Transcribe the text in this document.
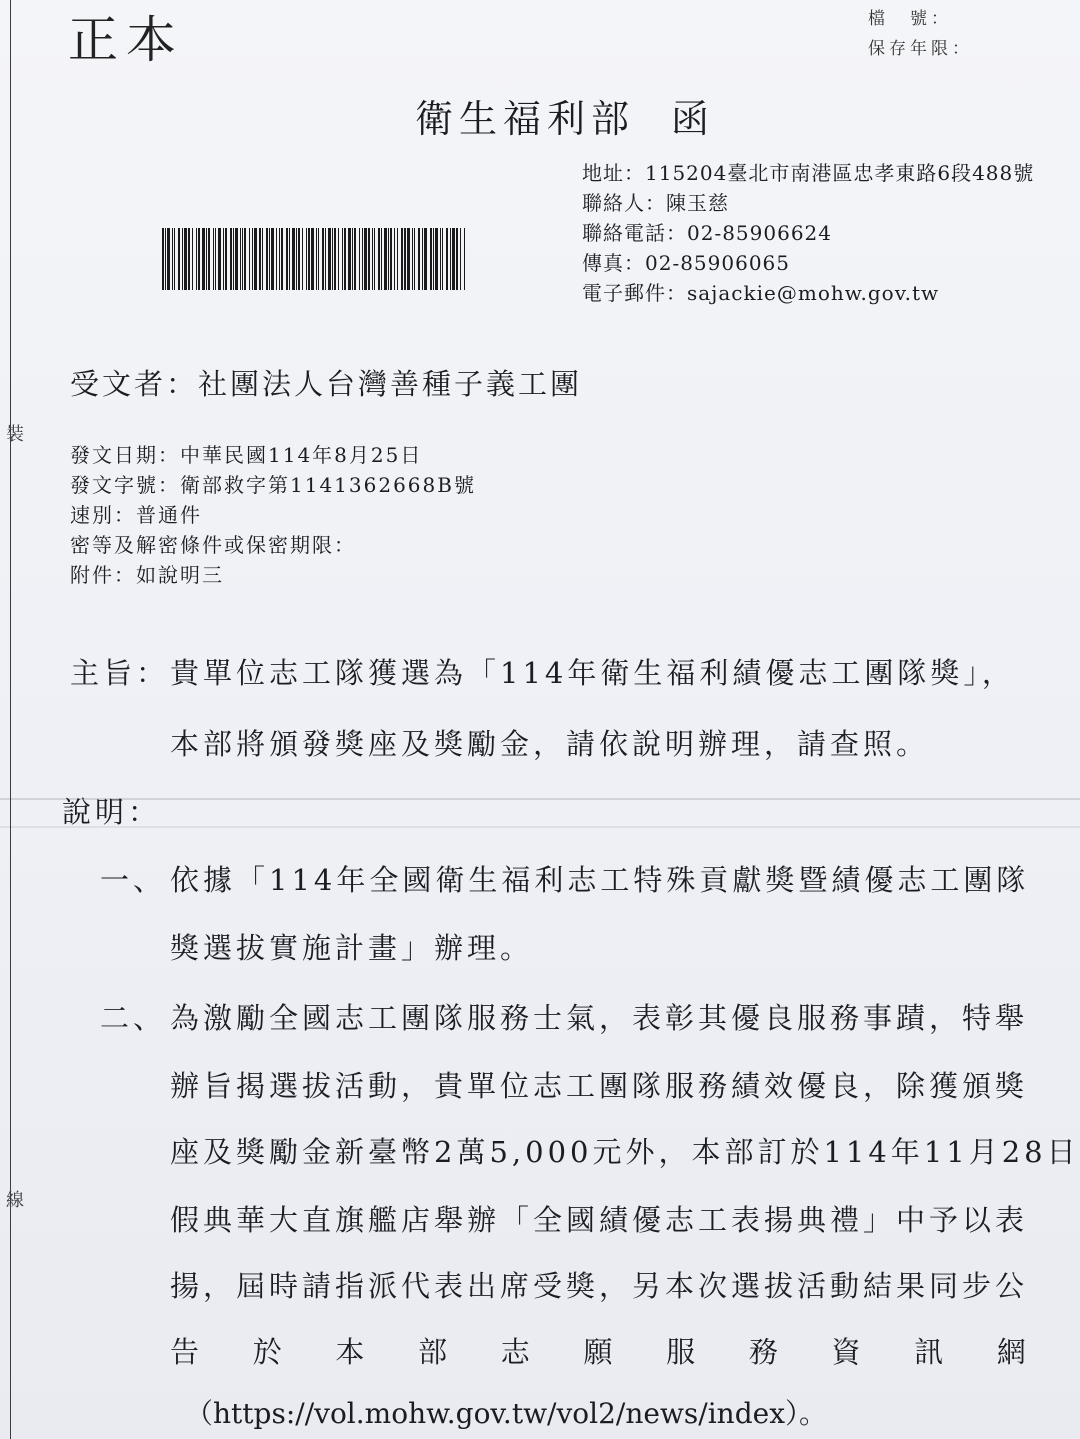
裝
線
正本	檔　號：
保存年限：
衛生福利部 函
地址：115204臺北市南港區忠孝東路6段488號
聯絡人：陳玉慈
聯絡電話：02-85906624
傳真：02-85906065
電子郵件：sajackie@mohw.gov.tw
受文者：社團法人台灣善種子義工團
發文日期：中華民國114年8月25日
發文字號：衛部救字第1141362668B號
速別：普通件
密等及解密條件或保密期限：
附件：如說明三
主旨： 貴單位志工隊獲選為「114年衛生福利績優志工團隊獎」，
本部將頒發獎座及獎勵金，請依說明辦理，請查照。
說明：
一、 依據「114年全國衛生福利志工特殊貢獻獎暨績優志工團隊
獎選拔實施計畫」辦理。
二、 為激勵全國志工團隊服務士氣，表彰其優良服務事蹟，特舉
辦旨揭選拔活動，貴單位志工團隊服務績效優良，除獲頒獎
座及獎勵金新臺幣2萬5,000元外，本部訂於114年11月28日
假典華大直旗艦店舉辦「全國績優志工表揚典禮」中予以表
揚，屆時請指派代表出席受獎，另本次選拔活動結果同步公
告 於 本 部 志 願 服 務 資 訊 網
（https://vol.mohw.gov.tw/vol2/news/index）。
